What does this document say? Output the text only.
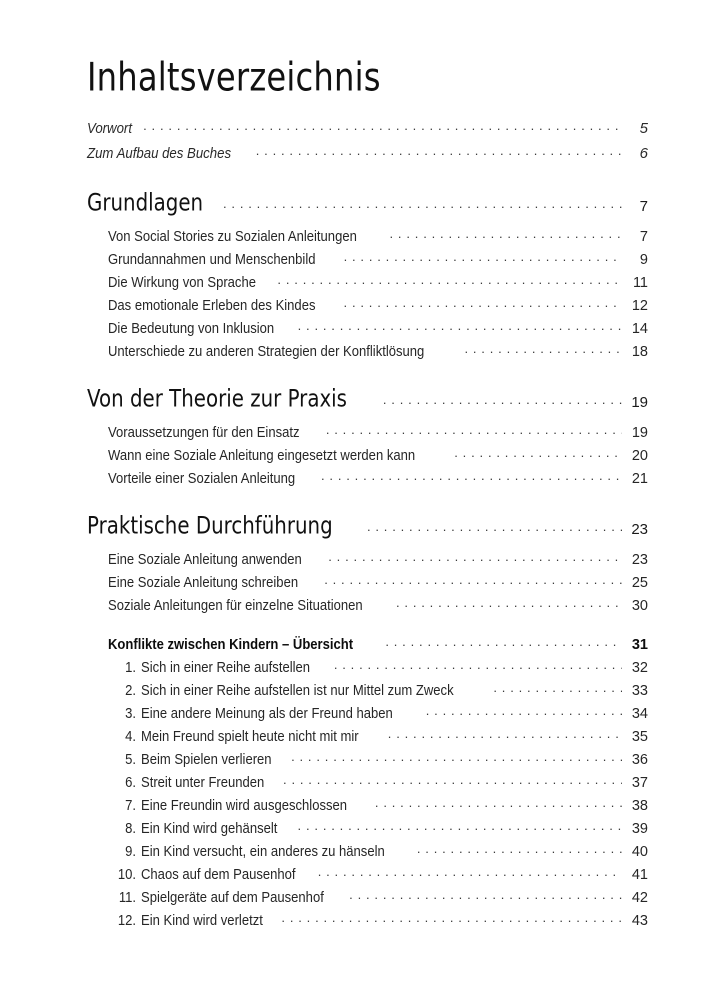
Inhaltsverzeichnis
Vorwort . . .	5
Zum Aufbau des Buches . . .	6
Grundlagen . . .	7
Von Social Stories zu Sozialen Anleitungen . . .	7
Grundannahmen und Menschenbild . . .	9
Die Wirkung von Sprache . . .	11
Das emotionale Erleben des Kindes . . .	12
Die Bedeutung von Inklusion . . .	14
Unterschiede zu anderen Strategien der Konfliktlösung . . .	18
Von der Theorie zur Praxis . . .	19
Voraussetzungen für den Einsatz . . .	19
Wann eine Soziale Anleitung eingesetzt werden kann . . .	20
Vorteile einer Sozialen Anleitung . . .	21
Praktische Durchführung . . .	23
Eine Soziale Anleitung anwenden . . .	23
Eine Soziale Anleitung schreiben . . .	25
Soziale Anleitungen für einzelne Situationen . . .	30
Konflikte zwischen Kindern – Übersicht . . .	31
1. Sich in einer Reihe aufstellen . . .	32
2. Sich in einer Reihe aufstellen ist nur Mittel zum Zweck . . .	33
3. Eine andere Meinung als der Freund haben . . .	34
4. Mein Freund spielt heute nicht mit mir . . .	35
5. Beim Spielen verlieren . . .	36
6. Streit unter Freunden . . .	37
7. Eine Freundin wird ausgeschlossen . . .	38
8. Ein Kind wird gehänselt . . .	39
9. Ein Kind versucht, ein anderes zu hänseln . . .	40
10. Chaos auf dem Pausenhof . . .	41
11. Spielgeräte auf dem Pausenhof . . .	42
12. Ein Kind wird verletzt . . .	43
